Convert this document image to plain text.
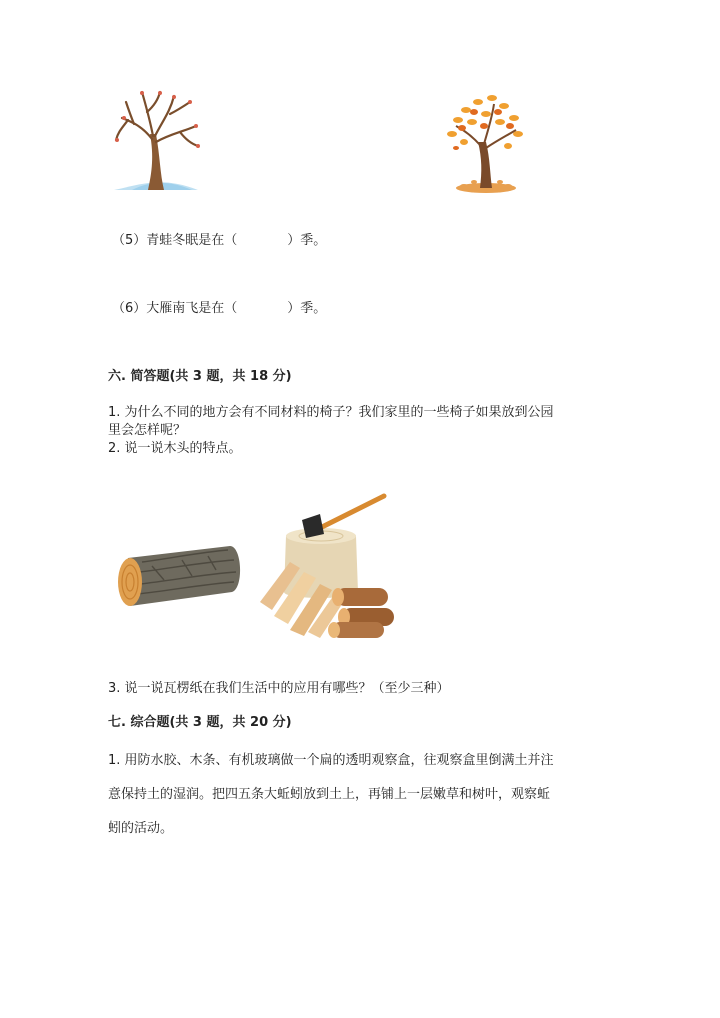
（5）青蛙冬眠是在（	）季。
（6）大雁南飞是在（	）季。
六. 简答题(共 3 题，共 18 分)
1. 为什么不同的地方会有不同材料的椅子？我们家里的一些椅子如果放到公园
里会怎样呢？
2. 说一说木头的特点。
3. 说一说瓦楞纸在我们生活中的应用有哪些？（至少三种）
七. 综合题(共 3 题，共 20 分)
1. 用防水胶、木条、有机玻璃做一个扁的透明观察盒，往观察盒里倒满土并注
意保持土的湿润。把四五条大蚯蚓放到土上，再铺上一层嫩草和树叶，观察蚯
蚓的活动。
